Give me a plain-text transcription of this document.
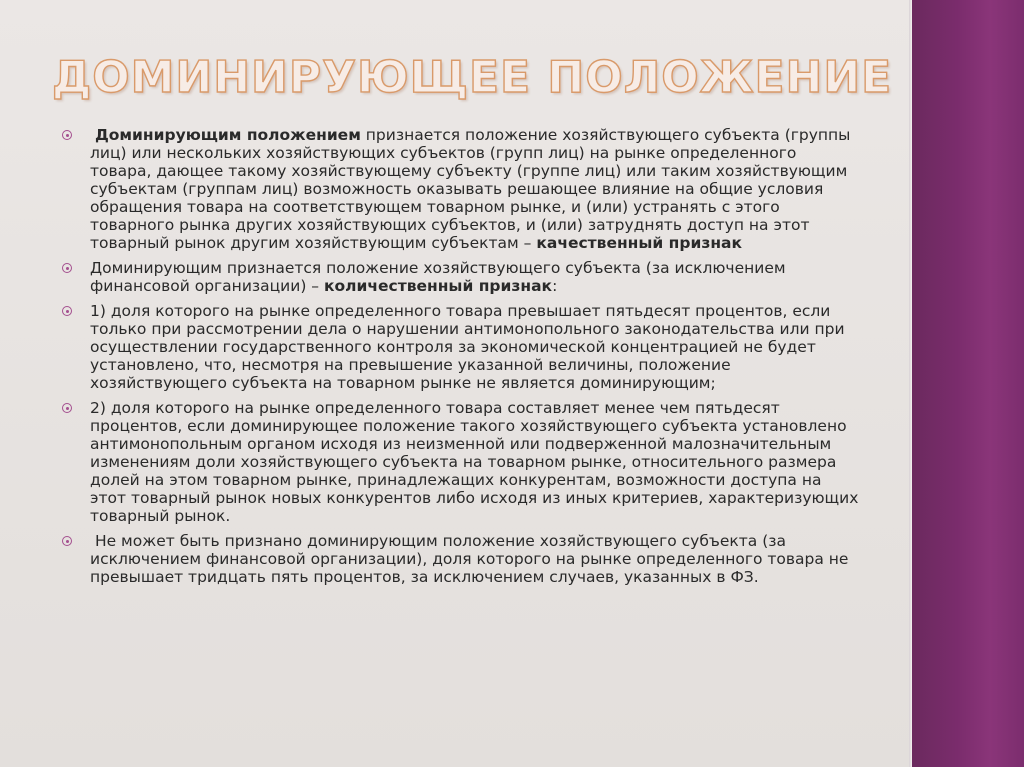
ДОМИНИРУЮЩЕЕ ПОЛОЖЕНИЕ
Доминирующим положением признается положение хозяйствующего субъекта (группы лиц) или нескольких хозяйствующих субъектов (групп лиц) на рынке определенного товара, дающее такому хозяйствующему субъекту (группе лиц) или таким хозяйствующим субъектам (группам лиц) возможность оказывать решающее влияние на общие условия обращения товара на соответствующем товарном рынке, и (или) устранять с этого товарного рынка других хозяйствующих субъектов, и (или) затруднять доступ на этот товарный рынок другим хозяйствующим субъектам – качественный признак
Доминирующим признается положение хозяйствующего субъекта (за исключением финансовой организации) – количественный признак:
1) доля которого на рынке определенного товара превышает пятьдесят процентов, если только при рассмотрении дела о нарушении антимонопольного законодательства или при осуществлении государственного контроля за экономической концентрацией не будет установлено, что, несмотря на превышение указанной величины, положение хозяйствующего субъекта на товарном рынке не является доминирующим;
2) доля которого на рынке определенного товара составляет менее чем пятьдесят процентов, если доминирующее положение такого хозяйствующего субъекта установлено антимонопольным органом исходя из неизменной или подверженной малозначительным изменениям доли хозяйствующего субъекта на товарном рынке, относительного размера долей на этом товарном рынке, принадлежащих конкурентам, возможности доступа на этот товарный рынок новых конкурентов либо исходя из иных критериев, характеризующих товарный рынок.
Не может быть признано доминирующим положение хозяйствующего субъекта (за исключением финансовой организации), доля которого на рынке определенного товара не превышает тридцать пять процентов, за исключением случаев, указанных в ФЗ.
